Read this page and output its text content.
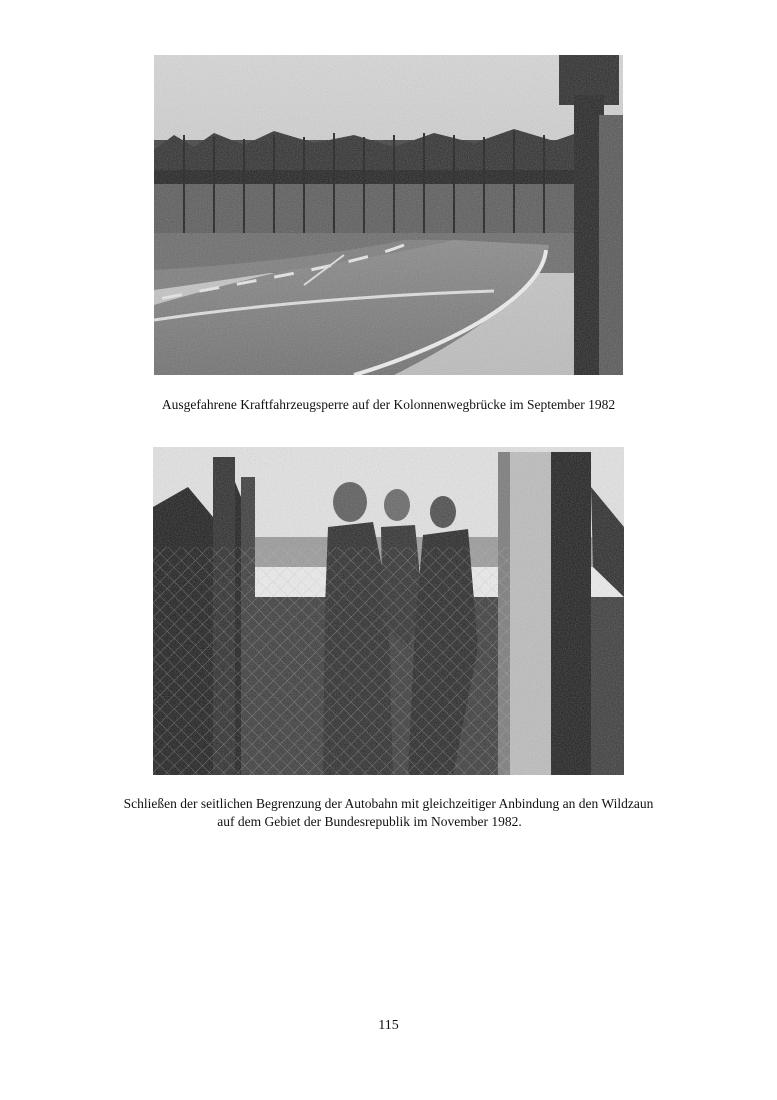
Ausgefahrene Kraftfahrzeugsperre auf der Kolonnenwegbrücke im September 1982
Schließen der seitlichen Begrenzung der Autobahn mit gleichzeitiger Anbindung an den Wildzaun
auf dem Gebiet der Bundesrepublik im November 1982.
115
